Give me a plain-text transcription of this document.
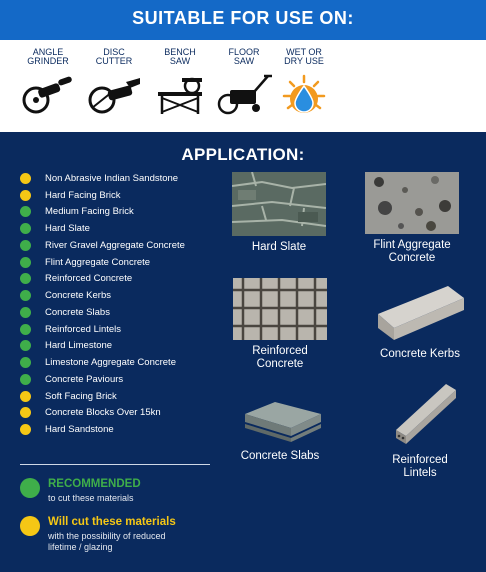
SUITABLE FOR USE ON:
ANGLE
GRINDER
DISC
CUTTER
BENCH
SAW
FLOOR
SAW
WET OR
DRY USE
APPLICATION:
Non Abrasive Indian Sandstone
Hard Facing Brick
Medium Facing Brick
Hard Slate
River Gravel Aggregate Concrete
Flint Aggregate Concrete
Reinforced Concrete
Concrete Kerbs
Concrete Slabs
Reinforced Lintels
Hard Limestone
Limestone Aggregate Concrete
Concrete Paviours
Soft Facing Brick
Concrete Blocks Over 15kn
Hard Sandstone
RECOMMENDED
to cut these materials
Will cut these materials
with the possibility of reduced
lifetime / glazing
Hard Slate	Flint Aggregate
Concrete
Reinforced
Concrete
Concrete Kerbs
Concrete Slabs	Reinforced
Lintels
